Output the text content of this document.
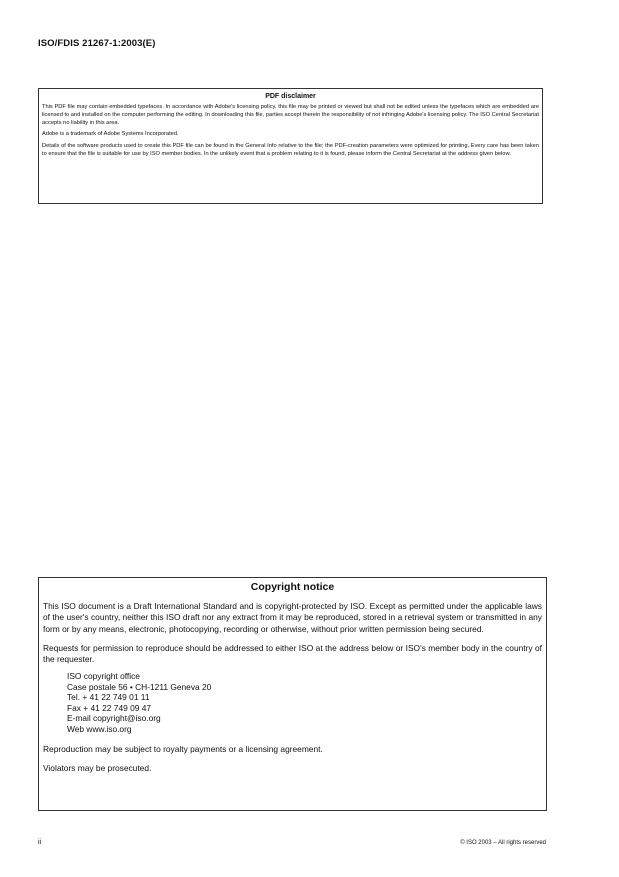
ISO/FDIS 21267-1:2003(E)
PDF disclaimer

This PDF file may contain embedded typefaces. In accordance with Adobe's licensing policy, this file may be printed or viewed but shall not be edited unless the typefaces which are embedded are licensed to and installed on the computer performing the editing. In downloading this file, parties accept therein the responsibility of not infringing Adobe's licensing policy. The ISO Central Secretariat accepts no liability in this area.

Adobe is a trademark of Adobe Systems Incorporated.

Details of the software products used to create this PDF file can be found in the General Info relative to the file; the PDF-creation parameters were optimized for printing. Every care has been taken to ensure that the file is suitable for use by ISO member bodies. In the unlikely event that a problem relating to it is found, please inform the Central Secretariat at the address given below.

Copyright notice

This ISO document is a Draft International Standard and is copyright-protected by ISO. Except as permitted under the applicable laws of the user's country, neither this ISO draft nor any extract from it may be reproduced, stored in a retrieval system or transmitted in any form or by any means, electronic, photocopying, recording or otherwise, without prior written permission being secured.

Requests for permission to reproduce should be addressed to either ISO at the address below or ISO's member body in the country of the requester.

ISO copyright office
Case postale 56 • CH-1211 Geneva 20
Tel. + 41 22 749 01 11
Fax + 41 22 749 09 47
E-mail copyright@iso.org
Web www.iso.org

Reproduction may be subject to royalty payments or a licensing agreement.

Violators may be prosecuted.

ii	© ISO 2003 – All rights reserved
